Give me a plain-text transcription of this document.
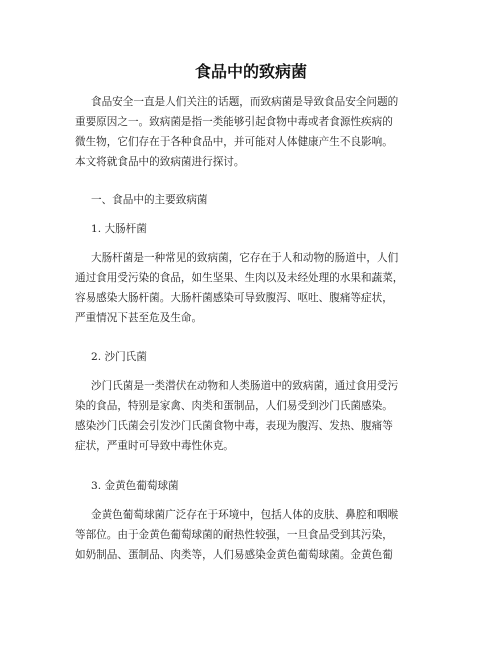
食品中的致病菌
食品安全一直是人们关注的话题，而致病菌是导致食品安全问题的
重要原因之一。致病菌是指一类能够引起食物中毒或者食源性疾病的
微生物，它们存在于各种食品中，并可能对人体健康产生不良影响。
本文将就食品中的致病菌进行探讨。
一、食品中的主要致病菌
1. 大肠杆菌
大肠杆菌是一种常见的致病菌，它存在于人和动物的肠道中，人们
通过食用受污染的食品，如生坚果、生肉以及未经处理的水果和蔬菜，
容易感染大肠杆菌。大肠杆菌感染可导致腹泻、呕吐、腹痛等症状，
严重情况下甚至危及生命。
2. 沙门氏菌
沙门氏菌是一类潜伏在动物和人类肠道中的致病菌，通过食用受污
染的食品，特别是家禽、肉类和蛋制品，人们易受到沙门氏菌感染。
感染沙门氏菌会引发沙门氏菌食物中毒，表现为腹泻、发热、腹痛等
症状，严重时可导致中毒性休克。
3. 金黄色葡萄球菌
金黄色葡萄球菌广泛存在于环境中，包括人体的皮肤、鼻腔和咽喉
等部位。由于金黄色葡萄球菌的耐热性较强，一旦食品受到其污染，
如奶制品、蛋制品、肉类等，人们易感染金黄色葡萄球菌。金黄色葡
